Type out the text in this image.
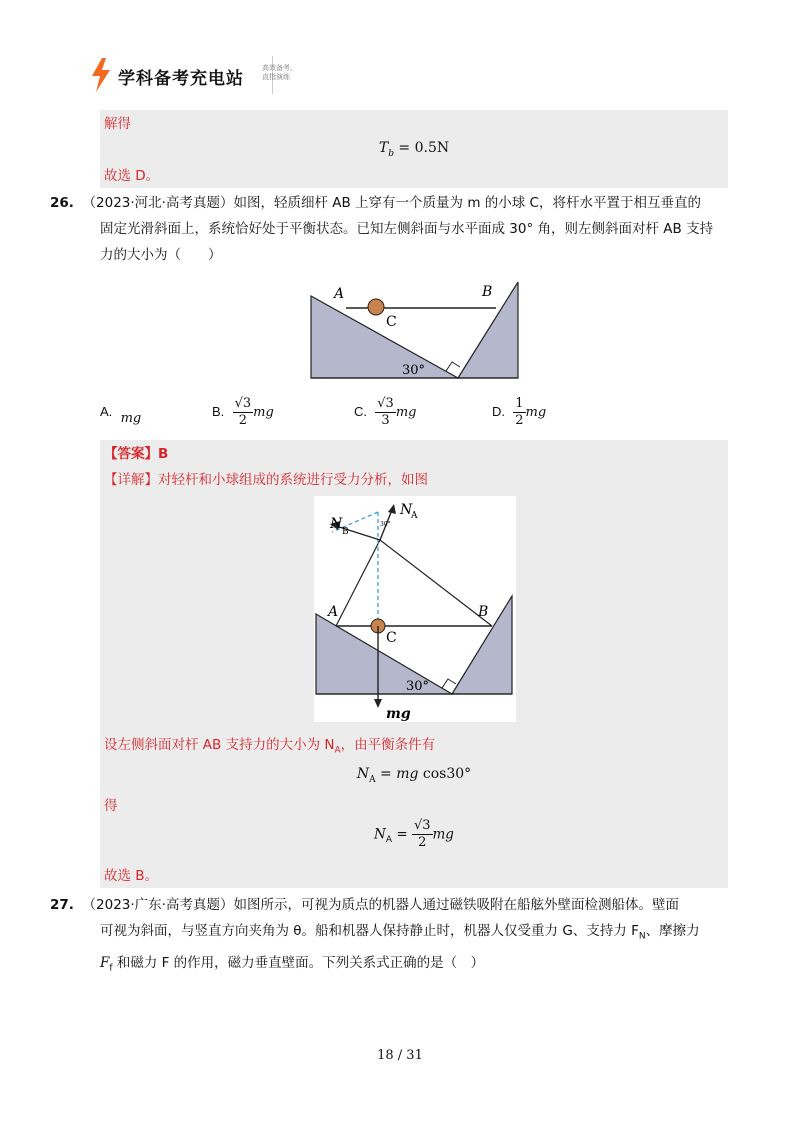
学科备考充电站
高效备考, 直指演练
解得
$T_b = 0.5N$
故选 D。
26. （2023·河北·高考真题）如图，轻质细杆 AB 上穿有一个质量为 m 的小球 C，将杆水平置于相互垂直的
固定光滑斜面上，系统恰好处于平衡状态。已知左侧斜面与水平面成 30° 角，则左侧斜面对杆 AB 支持
力的大小为（　　）
A	B
C
30°
A. mg	B. $\frac{√3}{2}$ mg	C. $\frac{√3}{3}$ mg	D. $\frac{1}{2}$ mg
【答案】B
【详解】对轻杆和小球组成的系统进行受力分析，如图
N
A
N B
30°
A	B
C
30°
mg
设左侧斜面对杆 AB 支持力的大小为 $N_A$，由平衡条件有
$N_A$ = mg cos30°
得
$N_A = \frac{√3}{2}$ mg
故选 B。
27. （2023·广东·高考真题）如图所示，可视为质点的机器人通过磁铁吸附在船舷外壁面检测船体。壁面
可视为斜面，与竖直方向夹角为 θ。船和机器人保持静止时，机器人仅受重力 G、支持力 $F_N$、摩擦力
$F_f$ 和磁力 F 的作用，磁力垂直壁面。下列关系式正确的是（　）
18 / 31
